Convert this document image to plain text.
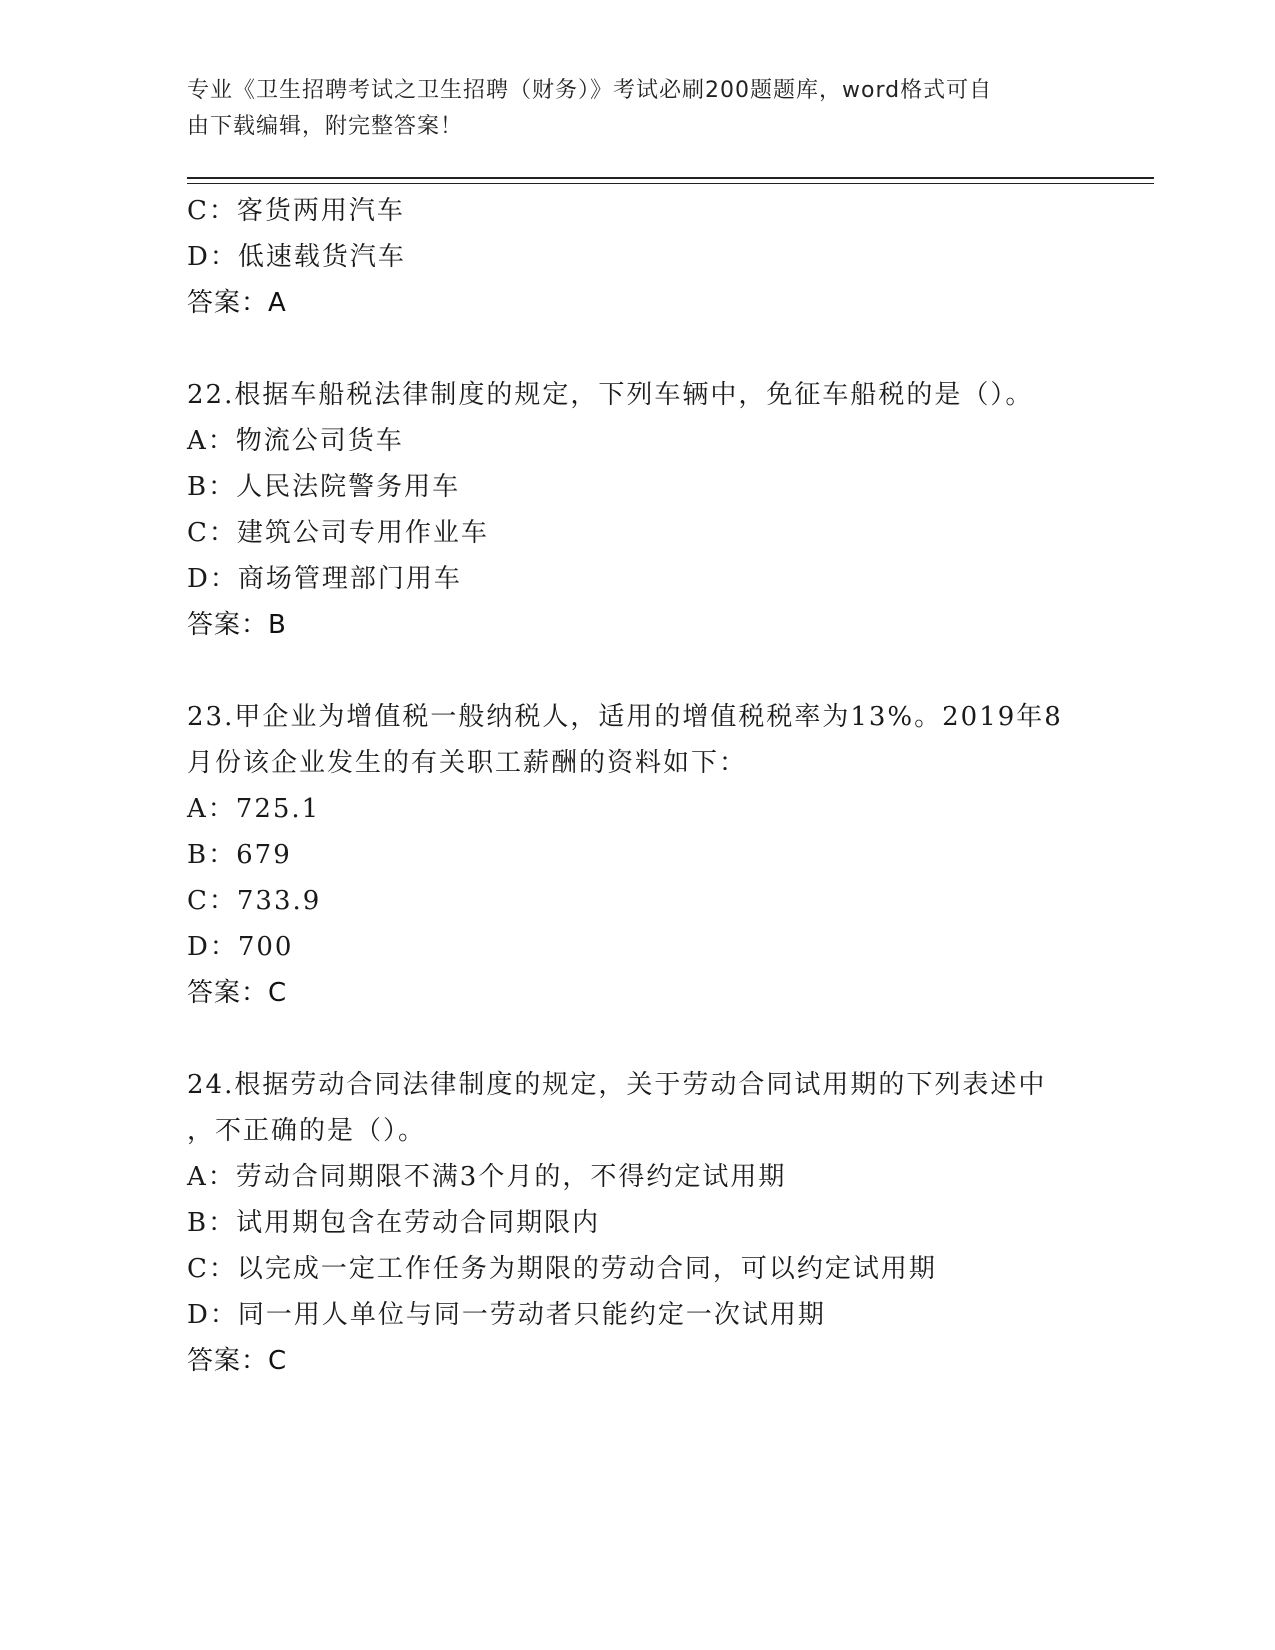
专业《卫生招聘考试之卫生招聘（财务）》考试必刷200题题库，word格式可自
由下载编辑，附完整答案！
C：客货两用汽车
D：低速载货汽车
答案：A
22.根据车船税法律制度的规定，下列车辆中，免征车船税的是（）。
A：物流公司货车
B：人民法院警务用车
C：建筑公司专用作业车
D：商场管理部门用车
答案：B
23.甲企业为增值税一般纳税人，适用的增值税税率为13%。2019年8
月份该企业发生的有关职工薪酬的资料如下：
A：725.1
B：679
C：733.9
D：700
答案：C
24.根据劳动合同法律制度的规定，关于劳动合同试用期的下列表述中
，不正确的是（）。
A：劳动合同期限不满3个月的，不得约定试用期
B：试用期包含在劳动合同期限内
C：以完成一定工作任务为期限的劳动合同，可以约定试用期
D：同一用人单位与同一劳动者只能约定一次试用期
答案：C
